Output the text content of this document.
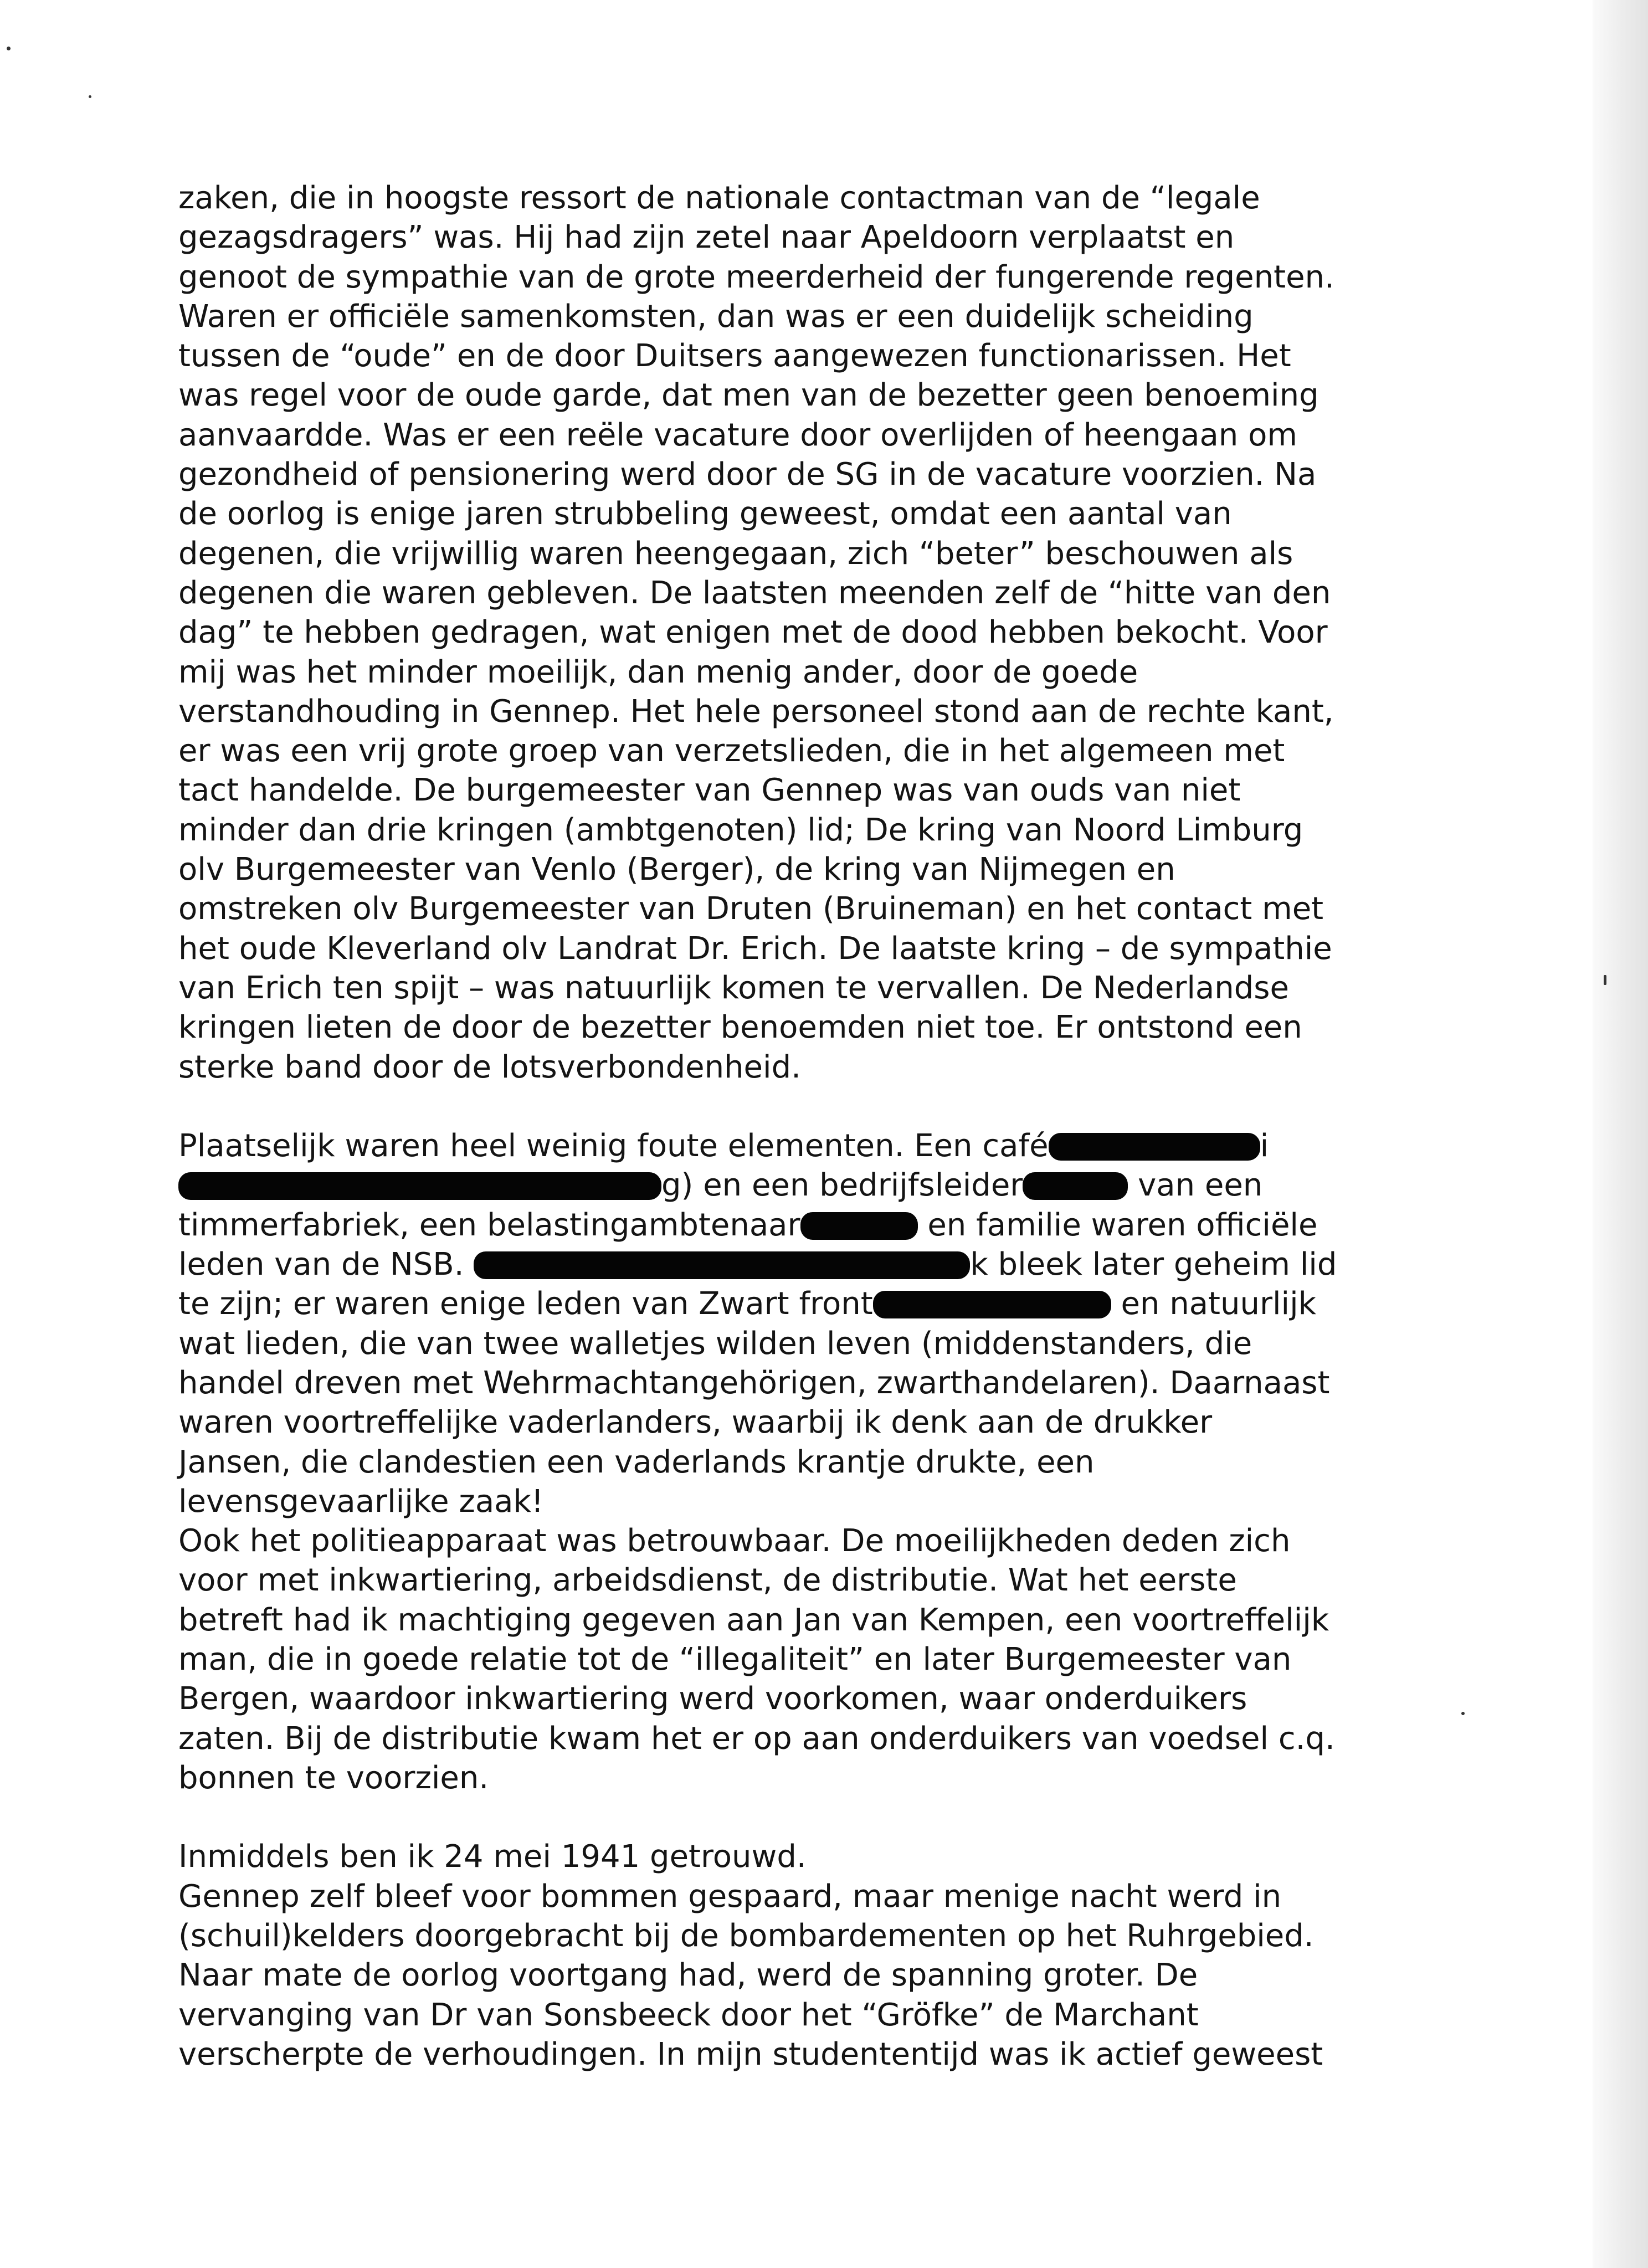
zaken, die in hoogste ressort de nationale contactman van de “legale
gezagsdragers” was. Hij had zijn zetel naar Apeldoorn verplaatst en
genoot de sympathie van de grote meerderheid der fungerende regenten.
Waren er officiële samenkomsten, dan was er een duidelijk scheiding
tussen de “oude” en de door Duitsers aangewezen functionarissen. Het
was regel voor de oude garde, dat men van de bezetter geen benoeming
aanvaardde. Was er een reële vacature door overlijden of heengaan om
gezondheid of pensionering werd door de SG in de vacature voorzien. Na
de oorlog is enige jaren strubbeling geweest, omdat een aantal van
degenen, die vrijwillig waren heengegaan, zich “beter” beschouwen als
degenen die waren gebleven. De laatsten meenden zelf de “hitte van den
dag” te hebben gedragen, wat enigen met de dood hebben bekocht. Voor
mij was het minder moeilijk, dan menig ander, door de goede
verstandhouding in Gennep. Het hele personeel stond aan de rechte kant,
er was een vrij grote groep van verzetslieden, die in het algemeen met
tact handelde. De burgemeester van Gennep was van ouds van niet
minder dan drie kringen (ambtgenoten) lid; De kring van Noord Limburg
olv Burgemeester van Venlo (Berger), de kring van Nijmegen en
omstreken olv Burgemeester van Druten (Bruineman) en het contact met
het oude Kleverland olv Landrat Dr. Erich. De laatste kring – de sympathie
van Erich ten spijt – was natuurlijk komen te vervallen. De Nederlandse
kringen lieten de door de bezetter benoemden niet toe. Er ontstond een
sterke band door de lotsverbondenheid.
Plaatselijk waren heel weinig foute elementen. Een café	i
g) en een bedrijfsleider	van een
timmerfabriek, een belastingambtenaar	en familie waren officiële
leden van de NSB.	k bleek later geheim lid
te zijn; er waren enige leden van Zwart front	en natuurlijk
wat lieden, die van twee walletjes wilden leven (middenstanders, die
handel dreven met Wehrmachtangehörigen, zwarthandelaren). Daarnaast
waren voortreffelijke vaderlanders, waarbij ik denk aan de drukker
Jansen, die clandestien een vaderlands krantje drukte, een
levensgevaarlijke zaak!
Ook het politieapparaat was betrouwbaar. De moeilijkheden deden zich
voor met inkwartiering, arbeidsdienst, de distributie. Wat het eerste
betreft had ik machtiging gegeven aan Jan van Kempen, een voortreffelijk
man, die in goede relatie tot de “illegaliteit” en later Burgemeester van
Bergen, waardoor inkwartiering werd voorkomen, waar onderduikers
zaten. Bij de distributie kwam het er op aan onderduikers van voedsel c.q.
bonnen te voorzien.
Inmiddels ben ik 24 mei 1941 getrouwd.
Gennep zelf bleef voor bommen gespaard, maar menige nacht werd in
(schuil)kelders doorgebracht bij de bombardementen op het Ruhrgebied.
Naar mate de oorlog voortgang had, werd de spanning groter. De
vervanging van Dr van Sonsbeeck door het “Gröfke” de Marchant
verscherpte de verhoudingen. In mijn studententijd was ik actief geweest
